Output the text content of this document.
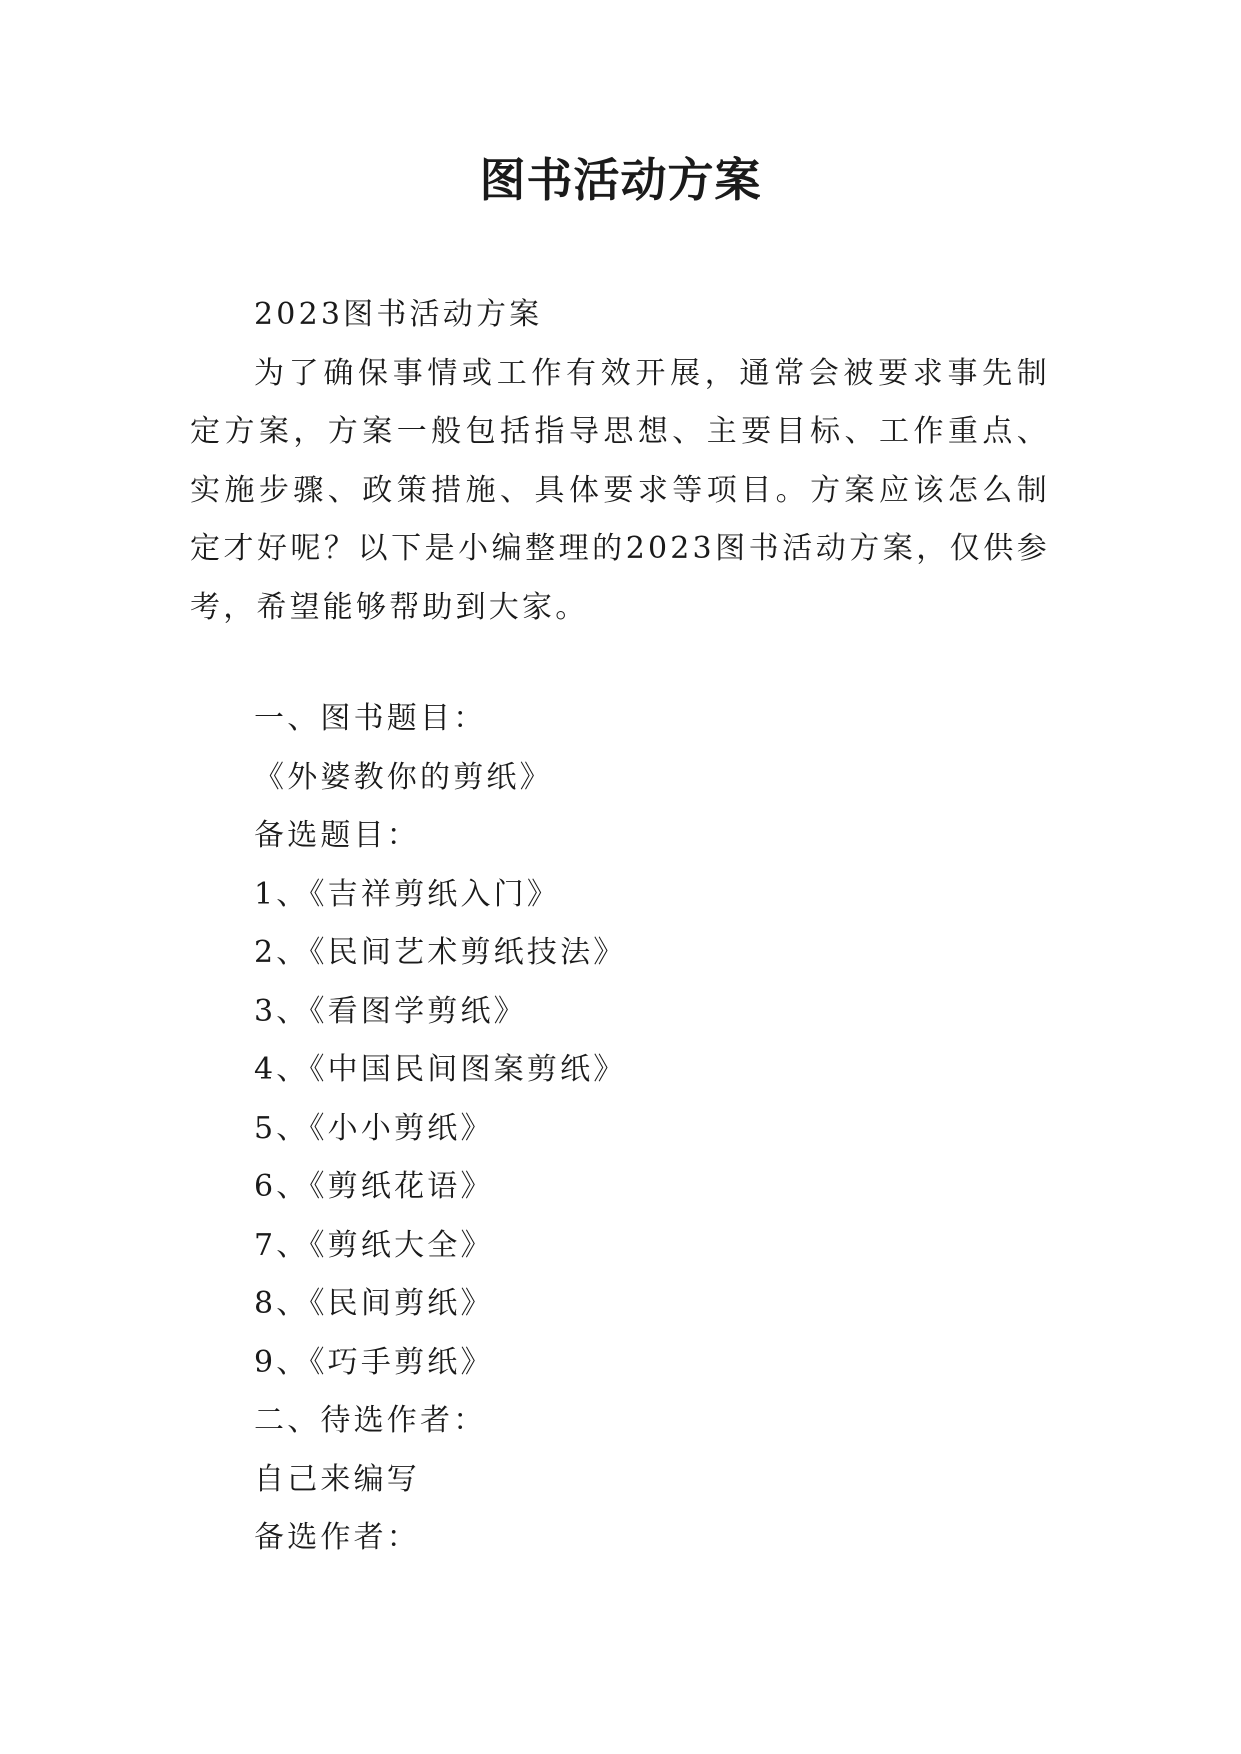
图书活动方案

2023图书活动方案

为了确保事情或工作有效开展，通常会被要求事先制定方案，方案一般包括指导思想、主要目标、工作重点、实施步骤、政策措施、具体要求等项目。方案应该怎么制定才好呢？以下是小编整理的2023图书活动方案，仅供参考，希望能够帮助到大家。

一、图书题目：

《外婆教你的剪纸》

备选题目：

1、《吉祥剪纸入门》

2、《民间艺术剪纸技法》

3、《看图学剪纸》

4、《中国民间图案剪纸》

5、《小小剪纸》

6、《剪纸花语》

7、《剪纸大全》

8、《民间剪纸》

9、《巧手剪纸》

二、待选作者：

自己来编写

备选作者：
